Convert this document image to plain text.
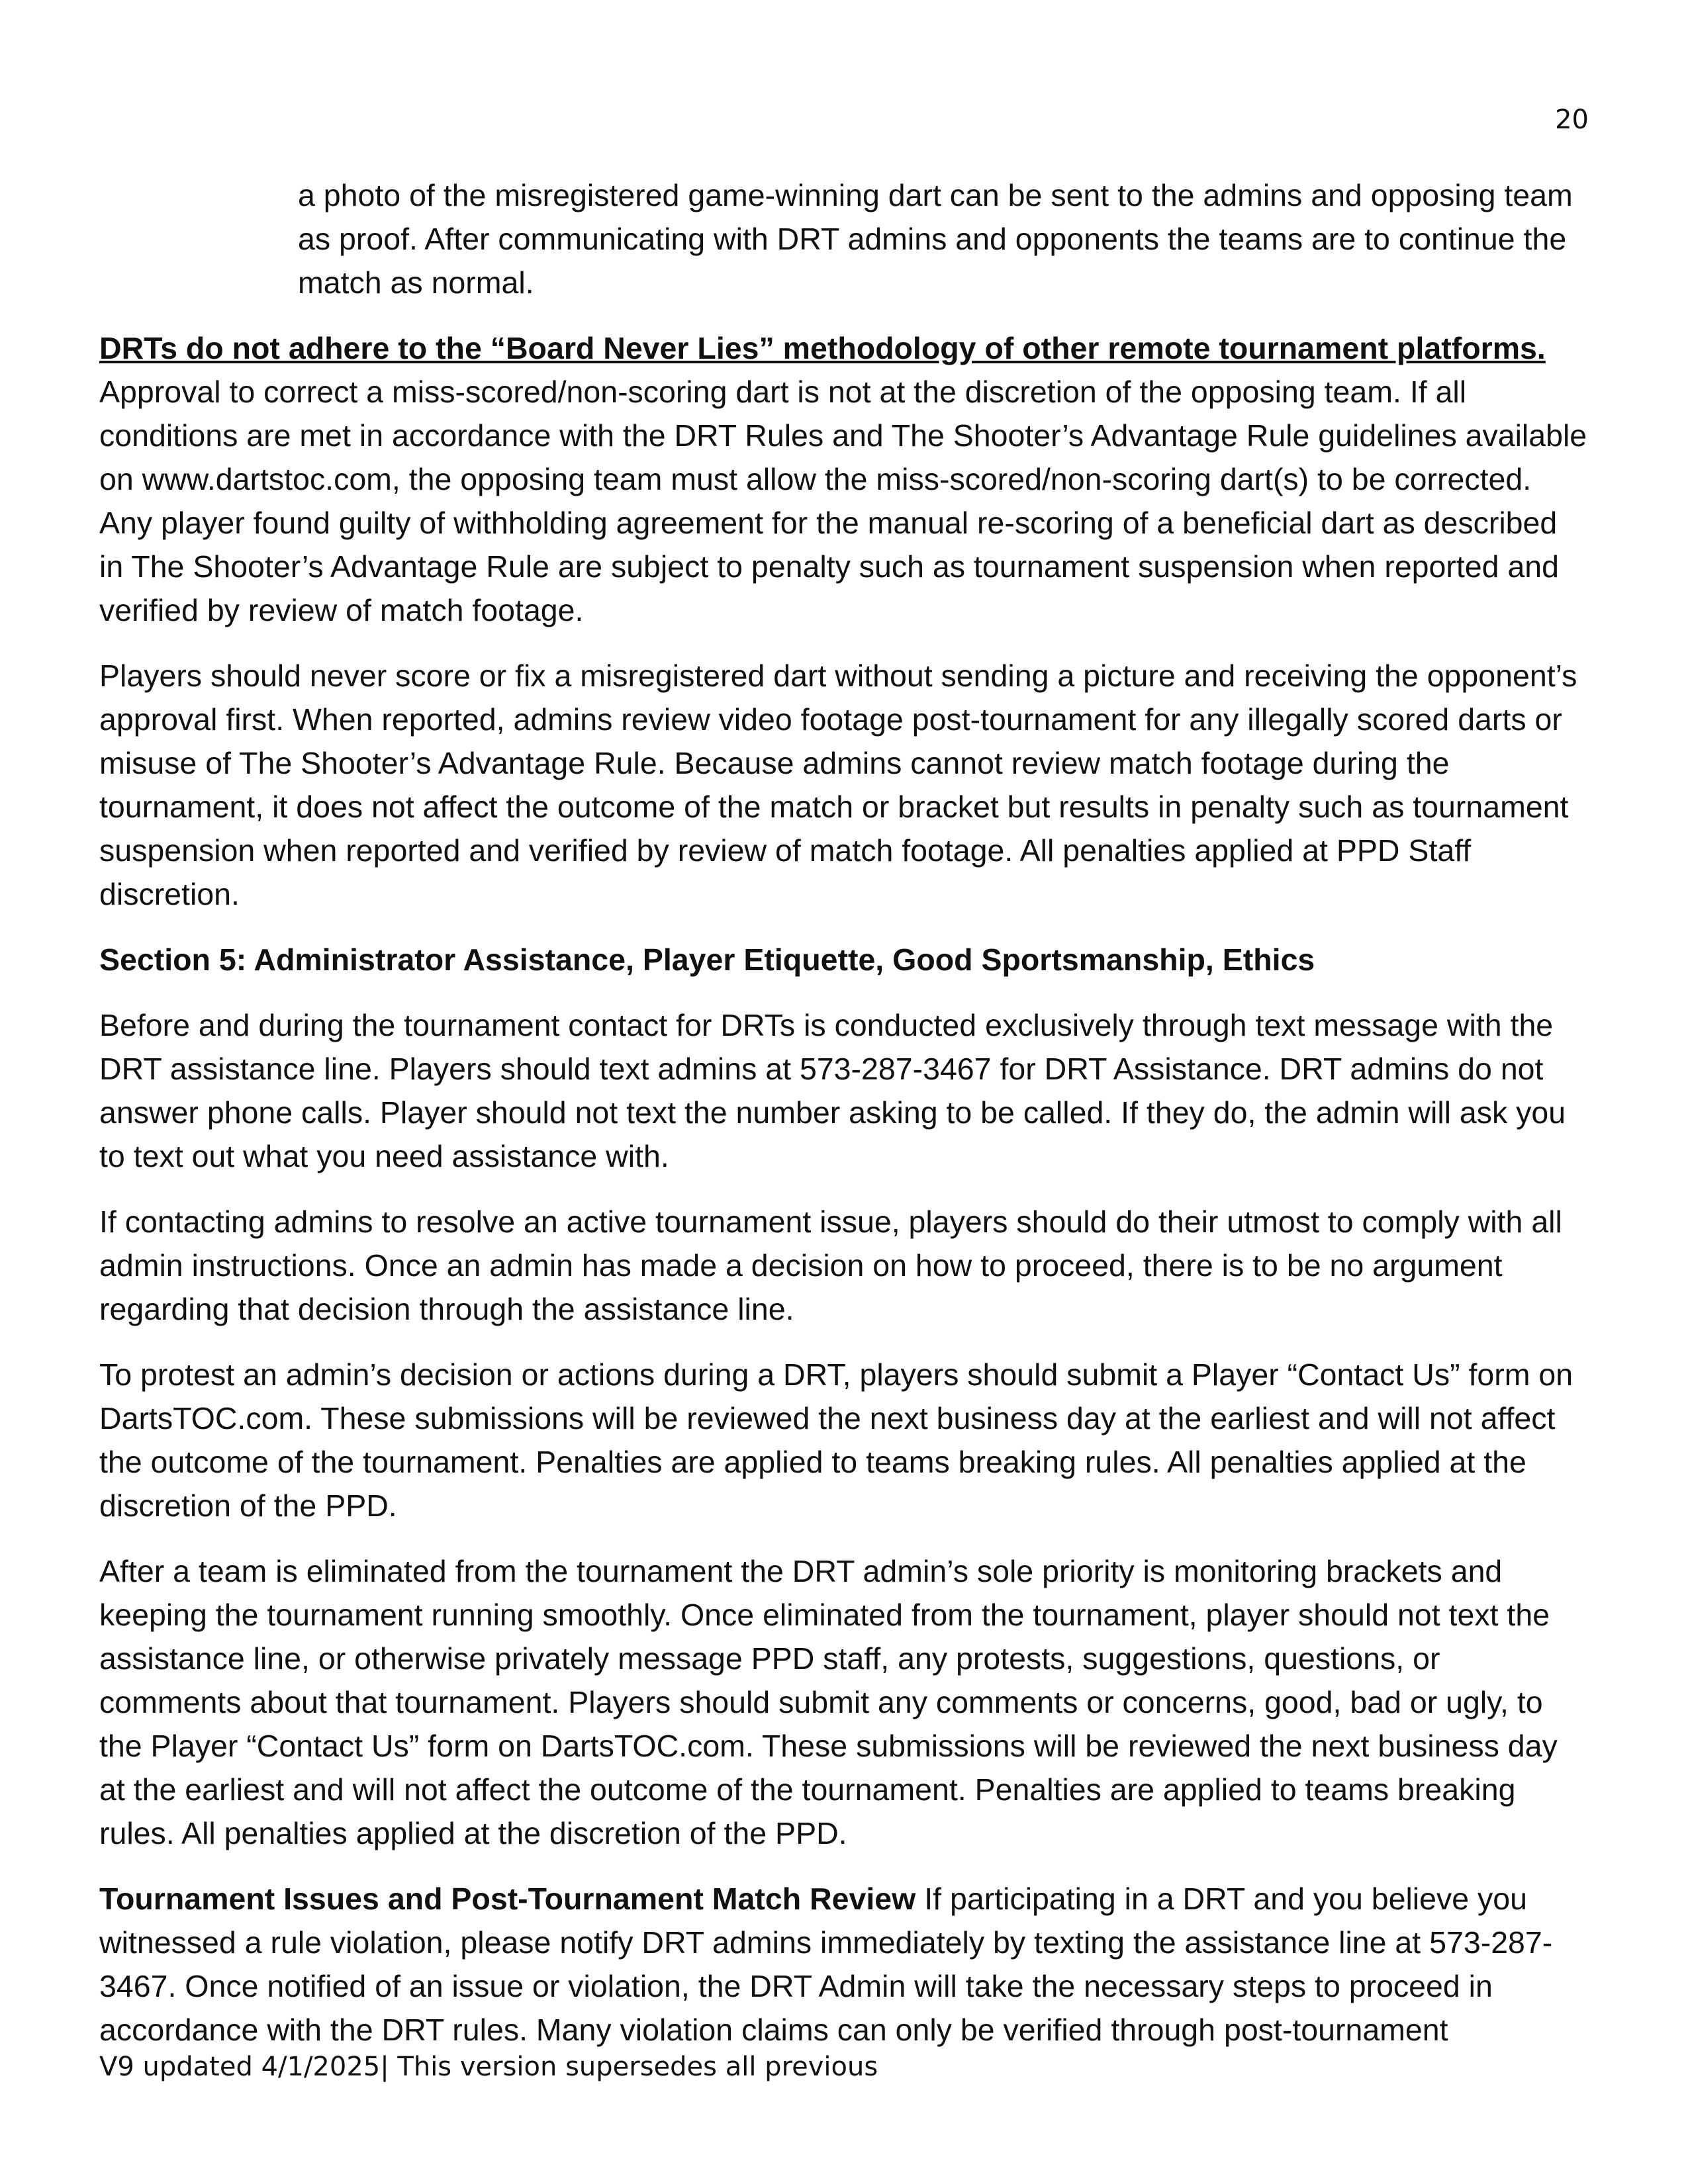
20

a photo of the misregistered game-winning dart can be sent to the admins and opposing team as proof. After communicating with DRT admins and opponents the teams are to continue the match as normal.

DRTs do not adhere to the “Board Never Lies” methodology of other remote tournament platforms. Approval to correct a miss-scored/non-scoring dart is not at the discretion of the opposing team. If all conditions are met in accordance with the DRT Rules and The Shooter’s Advantage Rule guidelines available on www.dartstoc.com, the opposing team must allow the miss-scored/non-scoring dart(s) to be corrected. Any player found guilty of withholding agreement for the manual re-scoring of a beneficial dart as described in The Shooter’s Advantage Rule are subject to penalty such as tournament suspension when reported and verified by review of match footage.

Players should never score or fix a misregistered dart without sending a picture and receiving the opponent’s approval first. When reported, admins review video footage post-tournament for any illegally scored darts or misuse of The Shooter’s Advantage Rule. Because admins cannot review match footage during the tournament, it does not affect the outcome of the match or bracket but results in penalty such as tournament suspension when reported and verified by review of match footage. All penalties applied at PPD Staff discretion.

Section 5: Administrator Assistance, Player Etiquette, Good Sportsmanship, Ethics

Before and during the tournament contact for DRTs is conducted exclusively through text message with the DRT assistance line. Players should text admins at 573-287-3467 for DRT Assistance. DRT admins do not answer phone calls. Player should not text the number asking to be called. If they do, the admin will ask you to text out what you need assistance with.

If contacting admins to resolve an active tournament issue, players should do their utmost to comply with all admin instructions. Once an admin has made a decision on how to proceed, there is to be no argument regarding that decision through the assistance line.

To protest an admin’s decision or actions during a DRT, players should submit a Player “Contact Us” form on DartsTOC.com. These submissions will be reviewed the next business day at the earliest and will not affect the outcome of the tournament. Penalties are applied to teams breaking rules. All penalties applied at the discretion of the PPD.

After a team is eliminated from the tournament the DRT admin’s sole priority is monitoring brackets and keeping the tournament running smoothly. Once eliminated from the tournament, player should not text the assistance line, or otherwise privately message PPD staff, any protests, suggestions, questions, or comments about that tournament. Players should submit any comments or concerns, good, bad or ugly, to the Player “Contact Us” form on DartsTOC.com. These submissions will be reviewed the next business day at the earliest and will not affect the outcome of the tournament. Penalties are applied to teams breaking rules. All penalties applied at the discretion of the PPD.

Tournament Issues and Post-Tournament Match Review If participating in a DRT and you believe you witnessed a rule violation, please notify DRT admins immediately by texting the assistance line at 573-287-3467. Once notified of an issue or violation, the DRT Admin will take the necessary steps to proceed in accordance with the DRT rules. Many violation claims can only be verified through post-tournament

V9 updated 4/1/2025| This version supersedes all previous
